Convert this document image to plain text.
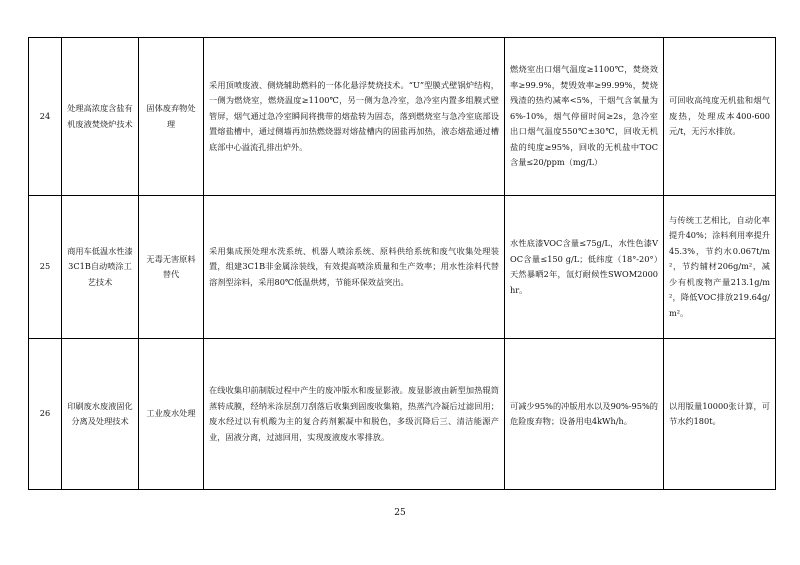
24	处理高浓度含盐有机废液焚烧炉技术	固体废弃物处理	采用顶喷废液、侧烧辅助燃料的一体化悬浮焚烧技术。“U”型膜式壁锅炉结构，一侧为燃烧室，燃烧温度≥1100℃，另一侧为急冷室，急冷室内置多组膜式壁管屏，烟气通过急冷室瞬间将携带的熔盐转为固态，落到燃烧室与急冷室底部设置熔盐槽中，通过侧墙再加热燃烧器对熔盐槽内的固盐再加热，液态熔盐通过槽底部中心溢流孔排出炉外。	燃烧室出口烟气温度≥1100℃，焚烧效率≥99.9%，焚毁效率≥99.99%，焚烧残渣的热灼减率<5%，干烟气含氧量为6%-10%，烟气停留时间≥2s，急冷室出口烟气温度550℃±30℃，回收无机盐的纯度≥95%，回收的无机盐中TOC含量≤20/ppm（mg/L）	可回收高纯度无机盐和烟气废热，处理成本400-600元/t，无污水排放。
25	商用车低温水性漆3C1B自动喷涂工艺技术	无毒无害原料替代	采用集成预处理水洗系统、机器人喷涂系统、原料供给系统和废气收集处理装置，组建3C1B非金属涂装线，有效提高喷涂质量和生产效率；用水性涂料代替溶剂型涂料，采用80℃低温烘烤，节能环保效益突出。	水性底漆VOC含量≤75g/L，水性色漆VOC含量≤150 g/L；低纬度（18°-20°）天然暴晒2年，氙灯耐候性SWOM2000hr。	与传统工艺相比，自动化率提升40%；涂料利用率提升45.3%，节约水0.067t/m²，节约辅材206g/m²，减少有机废物产量213.1g/m²，降低VOC排放219.64g/m²。
26	印刷废水废液固化分离及处理技术	工业废水处理	在线收集印前制版过程中产生的废冲版水和废显影液。废显影液由新型加热辊筒蒸转成膜，经纳米涂层刮刀刮落后收集到固废收集箱，热蒸汽冷凝后过滤回用；废水经过以有机酸为主的复合药剂絮凝中和脱色，多级沉降后三、清洁能源产业，固液分离，过滤回用，实现废液废水零排放。	可减少95%的冲版用水以及90%-95%的危险废弃物；设备用电4kWh/h。	以用版量10000张计算，可节水约180t。
25
